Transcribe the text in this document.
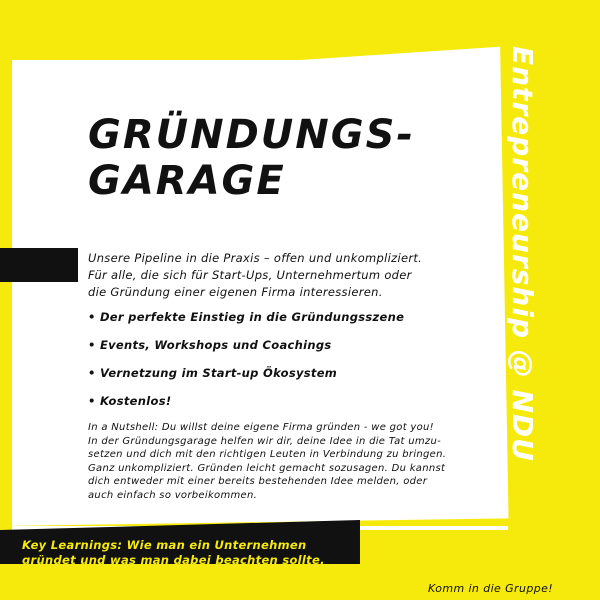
GRÜNDUNGS-
GARAGE

Unsere Pipeline in die Praxis – offen und unkompliziert.
Für alle, die sich für Start-Ups, Unternehmertum oder
die Gründung einer eigenen Firma interessieren.

• Der perfekte Einstieg in die Gründungsszene
• Events, Workshops und Coachings
• Vernetzung im Start-up Ökosystem
• Kostenlos!

In a Nutshell: Du willst deine eigene Firma gründen - we got you!
In der Gründungsgarage helfen wir dir, deine Idee in die Tat umzu-
setzen und dich mit den richtigen Leuten in Verbindung zu bringen.
Ganz unkompliziert. Gründen leicht gemacht sozusagen. Du kannst
dich entweder mit einer bereits bestehenden Idee melden, oder
auch einfach so vorbeikommen.

Key Learnings: Wie man ein Unternehmen
gründet und was man dabei beachten sollte.

Entrepreneurship @ NDU

Komm in die Gruppe!
